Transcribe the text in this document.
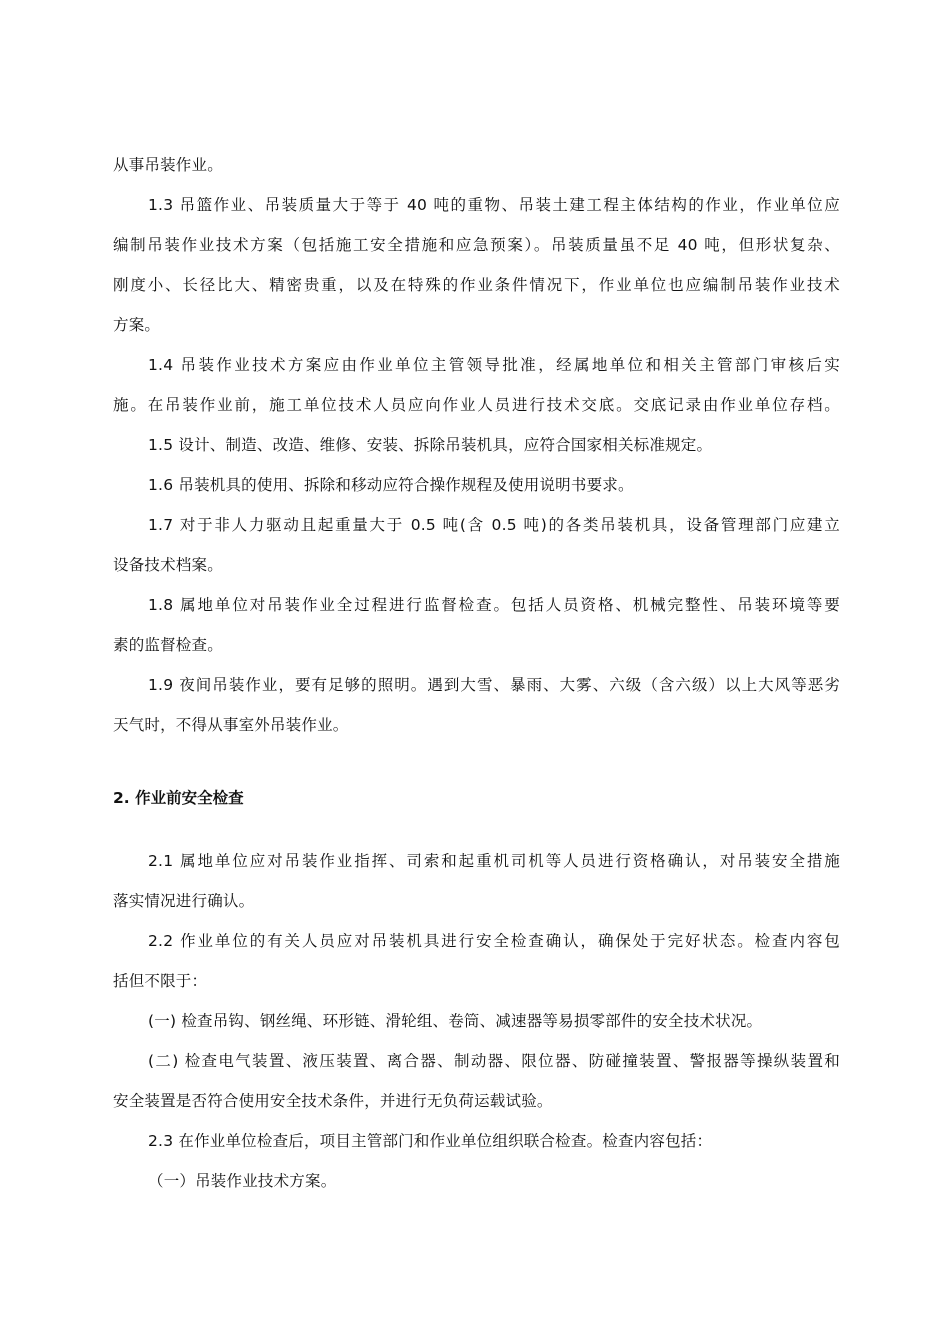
从事吊装作业。
1.3 吊篮作业、吊装质量大于等于 40 吨的重物、吊装土建工程主体结构的作业，作业单位应
编制吊装作业技术方案（包括施工安全措施和应急预案）。吊装质量虽不足 40 吨，但形状复杂、
刚度小、长径比大、精密贵重，以及在特殊的作业条件情况下，作业单位也应编制吊装作业技术
方案。
1.4 吊装作业技术方案应由作业单位主管领导批准，经属地单位和相关主管部门审核后实
施。在吊装作业前，施工单位技术人员应向作业人员进行技术交底。交底记录由作业单位存档。
1.5 设计、制造、改造、维修、安装、拆除吊装机具，应符合国家相关标准规定。
1.6 吊装机具的使用、拆除和移动应符合操作规程及使用说明书要求。
1.7 对于非人力驱动且起重量大于 0.5 吨(含 0.5 吨)的各类吊装机具，设备管理部门应建立
设备技术档案。
1.8 属地单位对吊装作业全过程进行监督检查。包括人员资格、机械完整性、吊装环境等要
素的监督检查。
1.9 夜间吊装作业，要有足够的照明。遇到大雪、暴雨、大雾、六级（含六级）以上大风等恶劣
天气时，不得从事室外吊装作业。
2. 作业前安全检查
2.1 属地单位应对吊装作业指挥、司索和起重机司机等人员进行资格确认，对吊装安全措施
落实情况进行确认。
2.2 作业单位的有关人员应对吊装机具进行安全检查确认，确保处于完好状态。检查内容包
括但不限于：
(一) 检查吊钩、钢丝绳、环形链、滑轮组、卷筒、减速器等易损零部件的安全技术状况。
(二) 检查电气装置、液压装置、离合器、制动器、限位器、防碰撞装置、警报器等操纵装置和
安全装置是否符合使用安全技术条件，并进行无负荷运载试验。
2.3 在作业单位检查后，项目主管部门和作业单位组织联合检查。检查内容包括：
（一）吊装作业技术方案。
